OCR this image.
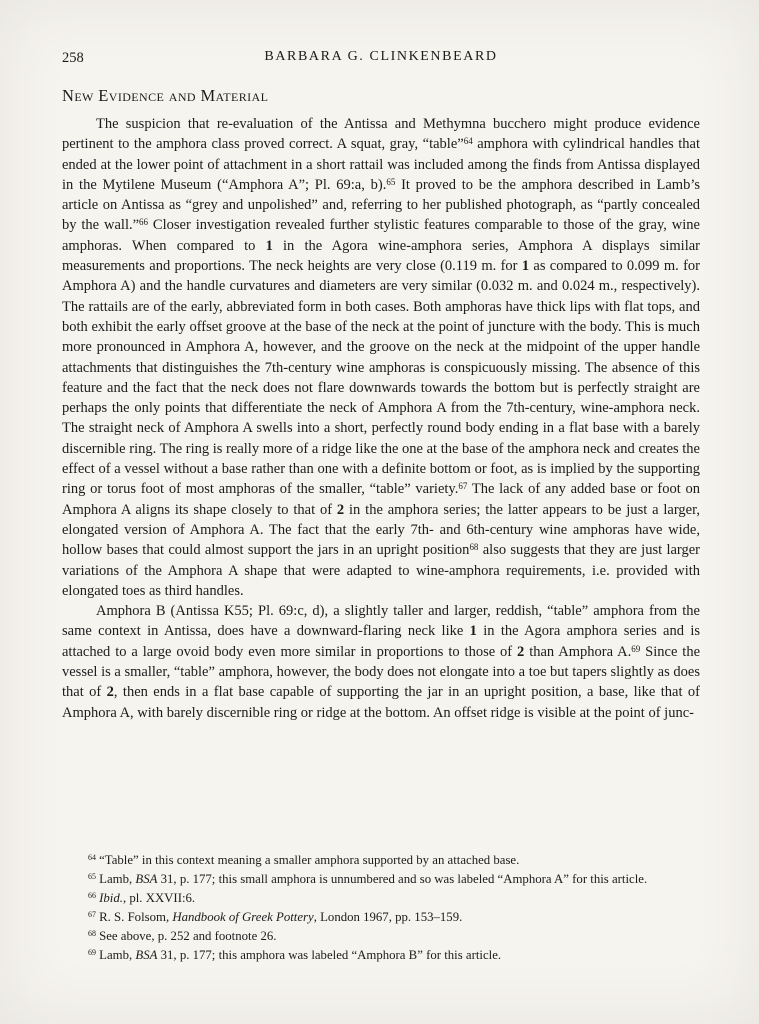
258	BARBARA G. CLINKENBEARD
New Evidence and Material

The suspicion that re-evaluation of the Antissa and Methymna bucchero might produce evidence pertinent to the amphora class proved correct. A squat, gray, “table”$^{64}$ amphora with cylindrical handles that ended at the lower point of attachment in a short rattail was included among the finds from Antissa displayed in the Mytilene Museum (“Amphora A”; Pl. 69:a, b).$^{65}$ It proved to be the amphora described in Lamb’s article on Antissa as “grey and unpolished” and, referring to her published photograph, as “partly concealed by the wall.”$^{66}$ Closer investigation revealed further stylistic features comparable to those of the gray, wine amphoras. When compared to 1 in the Agora wine-amphora series, Amphora A displays similar measurements and proportions. The neck heights are very close (0.119 m. for 1 as compared to 0.099 m. for Amphora A) and the handle curvatures and diameters are very similar (0.032 m. and 0.024 m., respectively). The rattails are of the early, abbreviated form in both cases. Both amphoras have thick lips with flat tops, and both exhibit the early offset groove at the base of the neck at the point of juncture with the body. This is much more pronounced in Amphora A, however, and the groove on the neck at the midpoint of the upper handle attachments that distinguishes the 7th-century wine amphoras is conspicuously missing. The absence of this feature and the fact that the neck does not flare downwards towards the bottom but is perfectly straight are perhaps the only points that differentiate the neck of Amphora A from the 7th-century, wine-amphora neck. The straight neck of Amphora A swells into a short, perfectly round body ending in a flat base with a barely discernible ring. The ring is really more of a ridge like the one at the base of the amphora neck and creates the effect of a vessel without a base rather than one with a definite bottom or foot, as is implied by the supporting ring or torus foot of most amphoras of the smaller, “table” variety.$^{67}$ The lack of any added base or foot on Amphora A aligns its shape closely to that of 2 in the amphora series; the latter appears to be just a larger, elongated version of Amphora A. The fact that the early 7th- and 6th-century wine amphoras have wide, hollow bases that could almost support the jars in an upright position$^{68}$ also suggests that they are just larger variations of the Amphora A shape that were adapted to wine-amphora requirements, i.e. provided with elongated toes as third handles.

Amphora B (Antissa K55; Pl. 69:c, d), a slightly taller and larger, reddish, “table” amphora from the same context in Antissa, does have a downward-flaring neck like 1 in the Agora amphora series and is attached to a large ovoid body even more similar in proportions to those of 2 than Amphora A.$^{69}$ Since the vessel is a smaller, “table” amphora, however, the body does not elongate into a toe but tapers slightly as does that of 2, then ends in a flat base capable of supporting the jar in an upright position, a base, like that of Amphora A, with barely discernible ring or ridge at the bottom. An offset ridge is visible at the point of junc-

$^{64}$ “Table” in this context meaning a smaller amphora supported by an attached base.

$^{65}$ Lamb, BSA 31, p. 177; this small amphora is unnumbered and so was labeled “Amphora A” for this article.

$^{66}$ Ibid., pl. XXVII:6.

$^{67}$ R. S. Folsom, Handbook of Greek Pottery, London 1967, pp. 153–159.

$^{68}$ See above, p. 252 and footnote 26.

$^{69}$ Lamb, BSA 31, p. 177; this amphora was labeled “Amphora B” for this article.
